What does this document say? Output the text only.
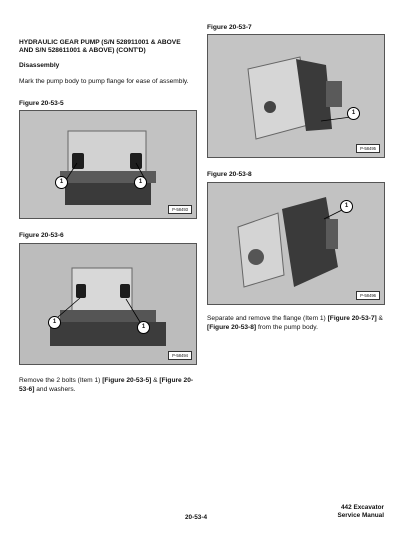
HYDRAULIC GEAR PUMP (S/N 528911001 & ABOVE AND S/N 528611001 & ABOVE) (CONT'D)
Disassembly
Mark the pump body to pump flange for ease of assembly.
Figure 20-53-5
1	1
P-58493
Figure 20-53-6
1
1
P-58494
Remove the 2 bolts (Item 1) [Figure 20-53-5] & [Figure 20-53-6] and washers.
Figure 20-53-7
1
P-58495
Figure 20-53-8
1
P-58496
Separate and remove the flange (Item 1) [Figure 20-53-7] & [Figure 20-53-8] from the pump body.
20-53-4
442 Excavator
Service Manual
